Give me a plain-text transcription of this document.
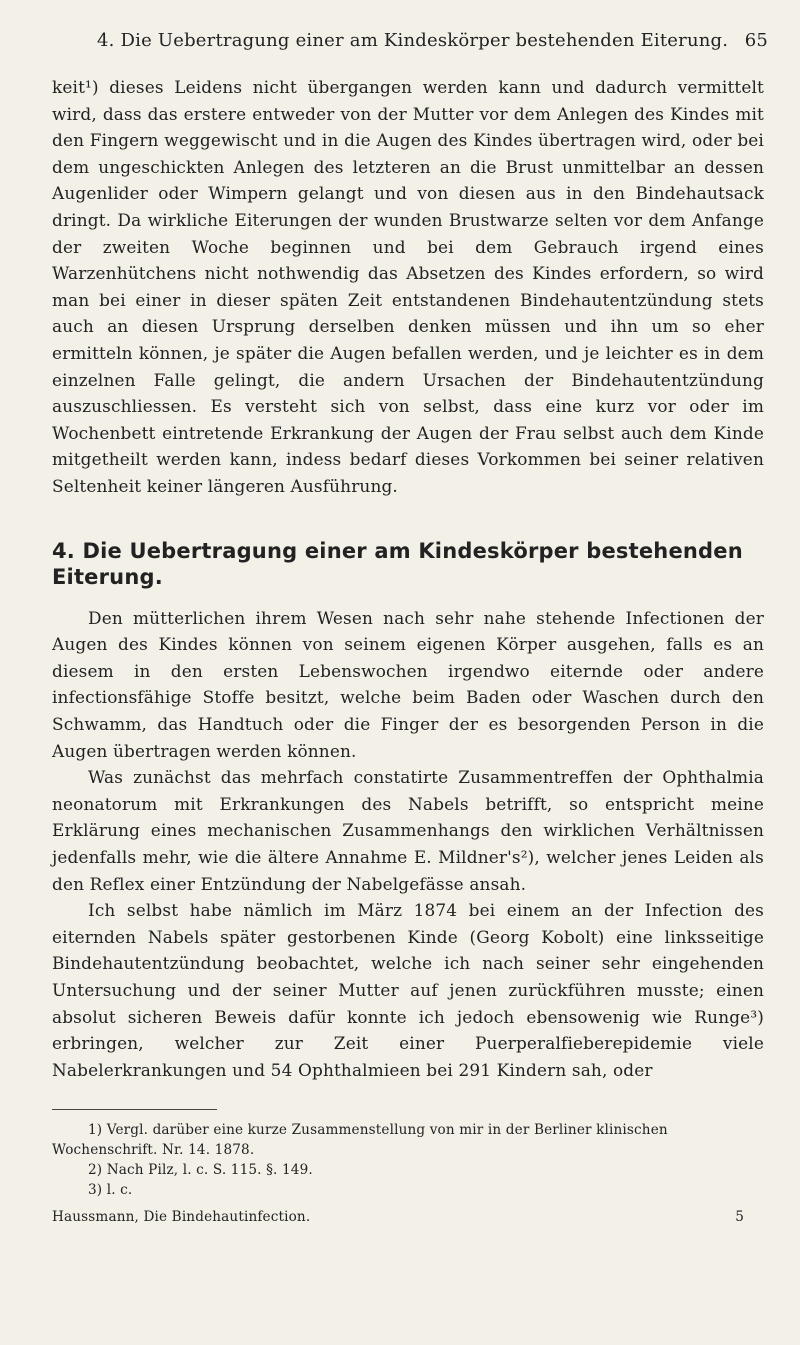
4. Die Uebertragung einer am Kindeskörper bestehenden Eiterung. 65

keit¹) dieses Leidens nicht übergangen werden kann und dadurch vermittelt wird, dass das erstere entweder von der Mutter vor dem Anlegen des Kindes mit den Fingern weggewischt und in die Augen des Kindes übertragen wird, oder bei dem ungeschickten Anlegen des letzteren an die Brust unmittelbar an dessen Augenlider oder Wimpern gelangt und von diesen aus in den Bindehautsack dringt. Da wirkliche Eiterungen der wunden Brustwarze selten vor dem Anfange der zweiten Woche beginnen und bei dem Gebrauch irgend eines Warzenhütchens nicht nothwendig das Absetzen des Kindes erfordern, so wird man bei einer in dieser späten Zeit entstandenen Bindehautentzündung stets auch an diesen Ursprung derselben denken müssen und ihn um so eher ermitteln können, je später die Augen befallen werden, und je leichter es in dem einzelnen Falle gelingt, die andern Ursachen der Bindehautentzündung auszuschliessen. Es versteht sich von selbst, dass eine kurz vor oder im Wochenbett eintretende Erkrankung der Augen der Frau selbst auch dem Kinde mitgetheilt werden kann, indess bedarf dieses Vorkommen bei seiner relativen Seltenheit keiner längeren Ausführung.

4. Die Uebertragung einer am Kindeskörper bestehenden Eiterung.

Den mütterlichen ihrem Wesen nach sehr nahe stehende Infectionen der Augen des Kindes können von seinem eigenen Körper ausgehen, falls es an diesem in den ersten Lebenswochen irgendwo eiternde oder andere infectionsfähige Stoffe besitzt, welche beim Baden oder Waschen durch den Schwamm, das Handtuch oder die Finger der es besorgenden Person in die Augen übertragen werden können.

Was zunächst das mehrfach constatirte Zusammentreffen der Ophthalmia neonatorum mit Erkrankungen des Nabels betrifft, so entspricht meine Erklärung eines mechanischen Zusammenhangs den wirklichen Verhältnissen jedenfalls mehr, wie die ältere Annahme E. Mildner's²), welcher jenes Leiden als den Reflex einer Entzündung der Nabelgefässe ansah.

Ich selbst habe nämlich im März 1874 bei einem an der Infection des eiternden Nabels später gestorbenen Kinde (Georg Kobolt) eine linksseitige Bindehautentzündung beobachtet, welche ich nach seiner sehr eingehenden Untersuchung und der seiner Mutter auf jenen zurückführen musste; einen absolut sicheren Beweis dafür konnte ich jedoch ebensowenig wie Runge³) erbringen, welcher zur Zeit einer Puerperalfieberepidemie viele Nabelerkrankungen und 54 Ophthalmieen bei 291 Kindern sah, oder

1) Vergl. darüber eine kurze Zusammenstellung von mir in der Berliner klinischen Wochenschrift. Nr. 14. 1878.
2) Nach Pilz, l. c. S. 115. §. 149.
3) l. c.
Haussmann, Die Bindehautinfection.	5
